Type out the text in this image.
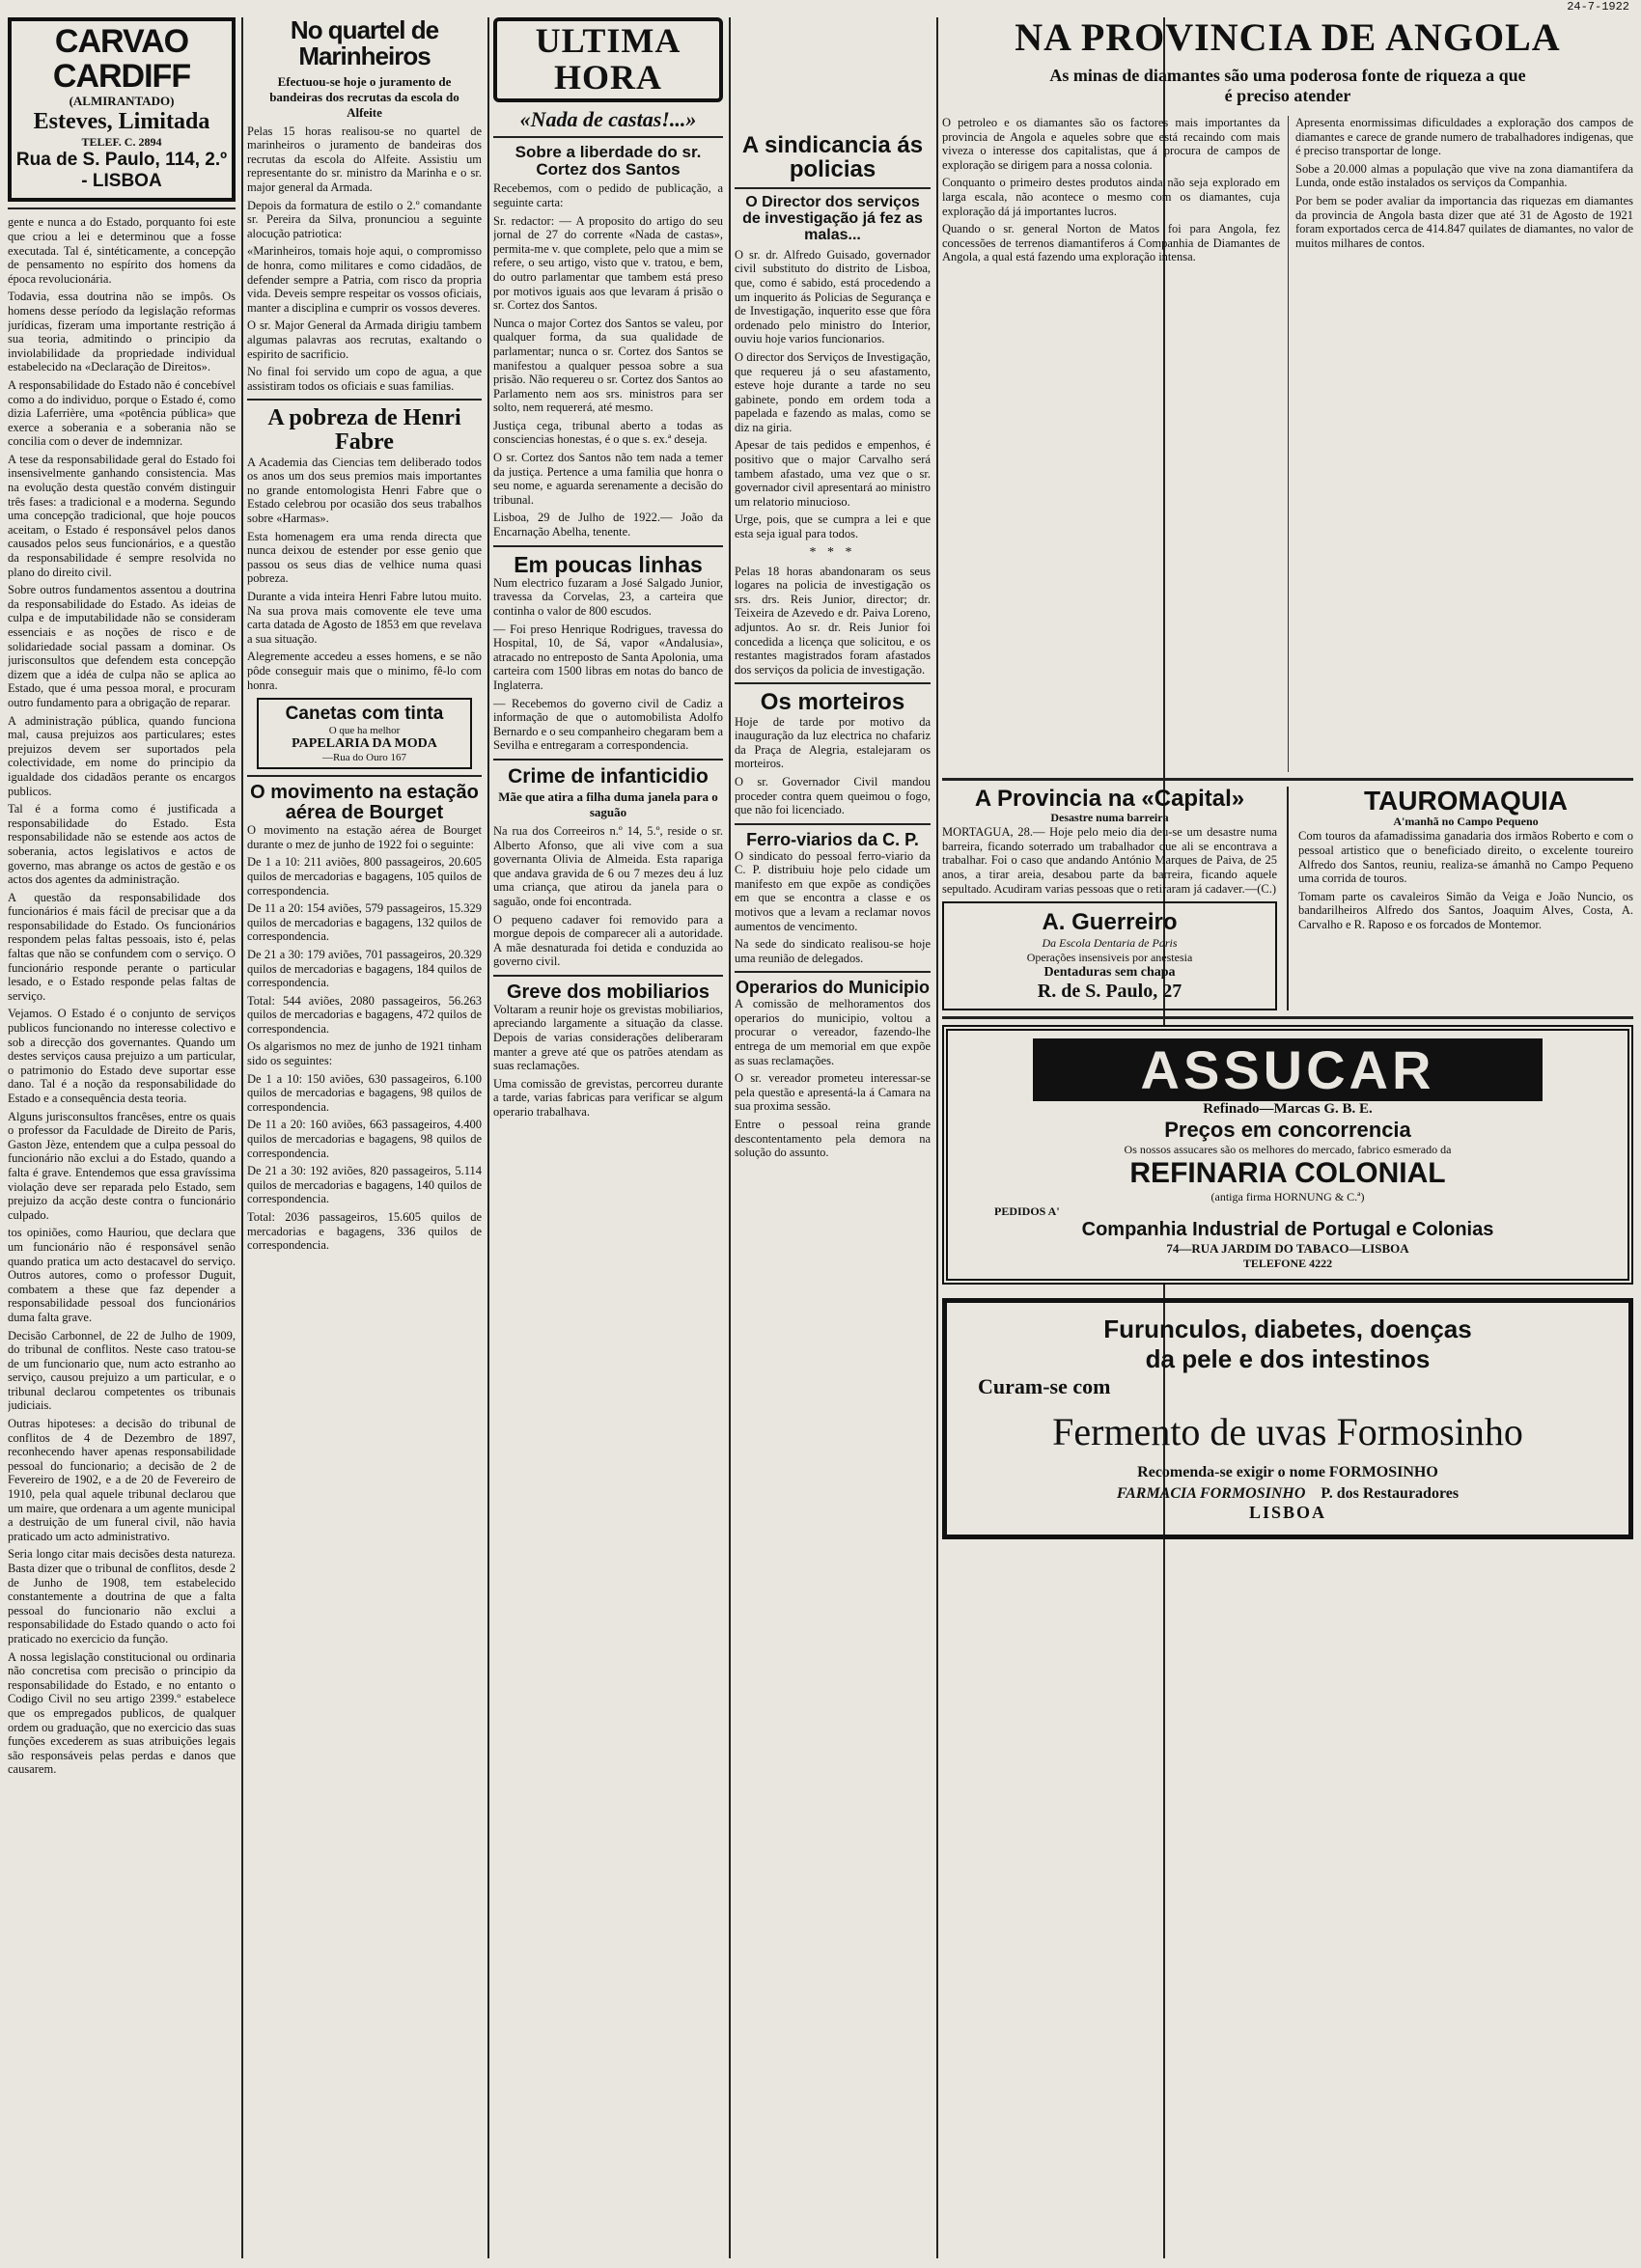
24-7-1922
CARVAO CARDIFF
(ALMIRANTADO)
Esteves, Limitada
TELEF. C. 2894
Rua de S. Paulo, 114, 2.º - LISBOA

gente e nunca a do Estado, porquanto foi este que criou a lei e determinou que a fosse executada. Tal é, sintéticamente, a concepção de pensamento no espírito dos homens da época revolucionária.

Todavia, essa doutrina não se impôs. Os homens desse período da legislação reformas jurídicas, fizeram uma importante restrição á sua teoria, admitindo o principio da inviolabilidade da propriedade individual estabelecido na «Declaração de Direitos».

A responsabilidade do Estado não é concebível como a do individuo, porque o Estado é, como dizia Laferrière, uma «potência pública» que exerce a soberania e a soberania não se concilia com o dever de indemnizar.

A tese da responsabilidade geral do Estado foi insensivelmente ganhando consistencia. Mas na evolução desta questão convém distinguir três fases: a tradicional e a moderna. Segundo uma concepção tradicional, que hoje poucos aceitam, o Estado é responsável pelos danos causados pelos seus funcionários, e a questão da responsabilidade é sempre resolvida no plano do direito civil.

Sobre outros fundamentos assentou a doutrina da responsabilidade do Estado. As ideias de culpa e de imputabilidade não se consideram essenciais e as noções de risco e de solidariedade social passam a dominar. Os jurisconsultos que defendem esta concepção dizem que a idéa de culpa não se aplica ao Estado, que é uma pessoa moral, e procuram outro fundamento para a obrigação de reparar.

A administração pública, quando funciona mal, causa prejuizos aos particulares; estes prejuizos devem ser suportados pela colectividade, em nome do principio da igualdade dos cidadãos perante os encargos publicos.

Tal é a forma como é justificada a responsabilidade do Estado. Esta responsabilidade não se estende aos actos de soberania, actos legislativos e actos de governo, mas abrange os actos de gestão e os actos dos agentes da administração.

A questão da responsabilidade dos funcionários é mais fácil de precisar que a da responsabilidade do Estado. Os funcionários respondem pelas faltas pessoais, isto é, pelas faltas que não se confundem com o serviço. O funcionário responde perante o particular lesado, e o Estado responde pelas faltas de serviço.

Vejamos. O Estado é o conjunto de serviços publicos funcionando no interesse colectivo e sob a direcção dos governantes. Quando um destes serviços causa prejuizo a um particular, o patrimonio do Estado deve suportar esse dano. Tal é a noção da responsabilidade do Estado e a consequência desta teoria.

Alguns jurisconsultos francêses, entre os quais o professor da Faculdade de Direito de Paris, Gaston Jèze, entendem que a culpa pessoal do funcionário não exclui a do Estado, quando a falta é grave. Entendemos que essa gravíssima violação deve ser reparada pelo Estado, sem prejuizo da acção deste contra o funcionário culpado.

tos opiniões, como Hauriou, que declara que um funcionário não é responsável senão quando pratica um acto destacavel do serviço. Outros autores, como o professor Duguit, combatem a these que faz depender a responsabilidade pessoal dos funcionários duma falta grave.

Decisão Carbonnel, de 22 de Julho de 1909, do tribunal de conflitos. Neste caso tratou-se de um funcionario que, num acto estranho ao serviço, causou prejuizo a um particular, e o tribunal declarou competentes os tribunais judiciais.

Outras hipoteses: a decisão do tribunal de conflitos de 4 de Dezembro de 1897, reconhecendo haver apenas responsabilidade pessoal do funcionario; a decisão de 2 de Fevereiro de 1902, e a de 20 de Fevereiro de 1910, pela qual aquele tribunal declarou que um maire, que ordenara a um agente municipal a destruição de um funeral civil, não havia praticado um acto administrativo.

Seria longo citar mais decisões desta natureza. Basta dizer que o tribunal de conflitos, desde 2 de Junho de 1908, tem estabelecido constantemente a doutrina de que a falta pessoal do funcionario não exclui a responsabilidade do Estado quando o acto foi praticado no exercicio da função.

A nossa legislação constitucional ou ordinaria não concretisa com precisão o principio da responsabilidade do Estado, e no entanto o Codigo Civil no seu artigo 2399.º estabelece que os empregados publicos, de qualquer ordem ou graduação, que no exercicio das suas funções excederem as suas atribuições legais são responsáveis pelas perdas e danos que causarem.

No quartel de Marinheiros
Efectuou-se hoje o juramento de bandeiras dos recrutas da escola do Alfeite

Pelas 15 horas realisou-se no quartel de marinheiros o juramento de bandeiras dos recrutas da escola do Alfeite. Assistiu um representante do sr. ministro da Marinha e o sr. major general da Armada.

Depois da formatura de estilo o 2.º comandante sr. Pereira da Silva, pronunciou a seguinte alocução patriotica:

«Marinheiros, tomais hoje aqui, o compromisso de honra, como militares e como cidadãos, de defender sempre a Patria, com risco da propria vida. Deveis sempre respeitar os vossos oficiais, manter a disciplina e cumprir os vossos deveres.

O sr. Major General da Armada dirigiu tambem algumas palavras aos recrutas, exaltando o espirito de sacrificio.

No final foi servido um copo de agua, a que assistiram todos os oficiais e suas familias.

A pobreza de Henri Fabre

A Academia das Ciencias tem deliberado todos os anos um dos seus premios mais importantes no grande entomologista Henri Fabre que o Estado celebrou por ocasião dos seus trabalhos sobre «Harmas».

Esta homenagem era uma renda directa que nunca deixou de estender por esse genio que passou os seus dias de velhice numa quasi pobreza.

Durante a vida inteira Henri Fabre lutou muito. Na sua prova mais comovente ele teve uma carta datada de Agosto de 1853 em que revelava a sua situação.

Alegremente accedeu a esses homens, e se não pôde conseguir mais que o minimo, fê-lo com honra.

Canetas com tinta
O que ha melhor
PAPELARIA DA MODA
—Rua do Ouro 167
O movimento na estação aérea de Bourget

O movimento na estação aérea de Bourget durante o mez de junho de 1922 foi o seguinte:

De 1 a 10: 211 aviões, 800 passageiros, 20.605 quilos de mercadorias e bagagens, 105 quilos de correspondencia.

De 11 a 20: 154 aviões, 579 passageiros, 15.329 quilos de mercadorias e bagagens, 132 quilos de correspondencia.

De 21 a 30: 179 aviões, 701 passageiros, 20.329 quilos de mercadorias e bagagens, 184 quilos de correspondencia.

Total: 544 aviões, 2080 passageiros, 56.263 quilos de mercadorias e bagagens, 472 quilos de correspondencia.

Os algarismos no mez de junho de 1921 tinham sido os seguintes:

De 1 a 10: 150 aviões, 630 passageiros, 6.100 quilos de mercadorias e bagagens, 98 quilos de correspondencia.

De 11 a 20: 160 aviões, 663 passageiros, 4.400 quilos de mercadorias e bagagens, 98 quilos de correspondencia.

De 21 a 30: 192 aviões, 820 passageiros, 5.114 quilos de mercadorias e bagagens, 140 quilos de correspondencia.

Total: 2036 passageiros, 15.605 quilos de mercadorias e bagagens, 336 quilos de correspondencia.

ULTIMA HORA
«Nada de castas!...»
Sobre a liberdade do sr. Cortez dos Santos

Recebemos, com o pedido de publicação, a seguinte carta:

Sr. redactor: — A proposito do artigo do seu jornal de 27 do corrente «Nada de castas», permita-me v. que complete, pelo que a mim se refere, o seu artigo, visto que v. tratou, e bem, do outro parlamentar que tambem está preso por motivos iguais aos que levaram á prisão o sr. Cortez dos Santos.

Nunca o major Cortez dos Santos se valeu, por qualquer forma, da sua qualidade de parlamentar; nunca o sr. Cortez dos Santos se manifestou a qualquer pessoa sobre a sua prisão. Não requereu o sr. Cortez dos Santos ao Parlamento nem aos srs. ministros para ser solto, nem requererá, até mesmo.

Justiça cega, tribunal aberto a todas as consciencias honestas, é o que s. ex.ª deseja.

O sr. Cortez dos Santos não tem nada a temer da justiça. Pertence a uma familia que honra o seu nome, e aguarda serenamente a decisão do tribunal.

Lisboa, 29 de Julho de 1922.— João da Encarnação Abelha, tenente.

Em poucas linhas

Num electrico fuzaram a José Salgado Junior, travessa da Corvelas, 23, a carteira que continha o valor de 800 escudos.

— Foi preso Henrique Rodrigues, travessa do Hospital, 10, de Sá, vapor «Andalusia», atracado no entreposto de Santa Apolonia, uma carteira com 1500 libras em notas do banco de Inglaterra.

— Recebemos do governo civil de Cadiz a informação de que o automobilista Adolfo Bernardo e o seu companheiro chegaram bem a Sevilha e entregaram a correspondencia.

Crime de infanticidio
Mãe que atira a filha duma janela para o saguão

Na rua dos Correeiros n.º 14, 5.º, reside o sr. Alberto Afonso, que ali vive com a sua governanta Olivia de Almeida. Esta rapariga que andava gravida de 6 ou 7 mezes deu á luz uma criança, que atirou da janela para o saguão, onde foi encontrada.

O pequeno cadaver foi removido para a morgue depois de comparecer ali a autoridade. A mãe desnaturada foi detida e conduzida ao governo civil.

Greve dos mobiliarios

Voltaram a reunir hoje os grevistas mobiliarios, apreciando largamente a situação da classe. Depois de varias considerações deliberaram manter a greve até que os patrões atendam as suas reclamações.

Uma comissão de grevistas, percorreu durante a tarde, varias fabricas para verificar se algum operario trabalhava.

A sindicancia ás policias
O Director dos serviços de investigação já fez as malas...

O sr. dr. Alfredo Guisado, governador civil substituto do distrito de Lisboa, que, como é sabido, está procedendo a um inquerito ás Policias de Segurança e de Investigação, inquerito esse que fôra ordenado pelo ministro do Interior, ouviu hoje varios funcionarios.

O director dos Serviços de Investigação, que requereu já o seu afastamento, esteve hoje durante a tarde no seu gabinete, pondo em ordem toda a papelada e fazendo as malas, como se diz na giria.

Apesar de tais pedidos e empenhos, é positivo que o major Carvalho será tambem afastado, uma vez que o sr. governador civil apresentará ao ministro um relatorio minucioso.

Urge, pois, que se cumpra a lei e que esta seja igual para todos.

* * *

Pelas 18 horas abandonaram os seus logares na policia de investigação os srs. drs. Reis Junior, director; dr. Teixeira de Azevedo e dr. Paiva Loreno, adjuntos. Ao sr. dr. Reis Junior foi concedida a licença que solicitou, e os restantes magistrados foram afastados dos serviços da policia de investigação.

Os morteiros

Hoje de tarde por motivo da inauguração da luz electrica no chafariz da Praça de Alegria, estalejaram os morteiros.

O sr. Governador Civil mandou proceder contra quem queimou o fogo, que não foi licenciado.

Ferro-viarios da C. P.

O sindicato do pessoal ferro-viario da C. P. distribuiu hoje pelo cidade um manifesto em que expõe as condições em que se encontra a classe e os motivos que a levam a reclamar novos aumentos de vencimento.

Na sede do sindicato realisou-se hoje uma reunião de delegados.

Operarios do Municipio

A comissão de melhoramentos dos operarios do municipio, voltou a procurar o vereador, fazendo-lhe entrega de um memorial em que expõe as suas reclamações.

O sr. vereador prometeu interessar-se pela questão e apresentá-la á Camara na sua proxima sessão.

Entre o pessoal reina grande descontentamento pela demora na solução do assunto.

NA PROVINCIA DE ANGOLA
As minas de diamantes são uma poderosa fonte de riqueza a que é preciso atender

O petroleo e os diamantes são os factores mais importantes da provincia de Angola e aqueles sobre que está recaindo com mais viveza o interesse dos capitalistas, que á procura de campos de exploração se dirigem para a nossa colonia.

Conquanto o primeiro destes produtos ainda não seja explorado em larga escala, não acontece o mesmo com os diamantes, cuja exploração dá já importantes lucros.

Quando o sr. general Norton de Matos foi para Angola, fez concessões de terrenos diamantiferos á Companhia de Diamantes de Angola, a qual está fazendo uma exploração intensa.

Apresenta enormissimas dificuldades a exploração dos campos de diamantes e carece de grande numero de trabalhadores indigenas, que é preciso transportar de longe.

Sobe a 20.000 almas a população que vive na zona diamantifera da Lunda, onde estão instalados os serviços da Companhia.

Por bem se poder avaliar da importancia das riquezas em diamantes da provincia de Angola basta dizer que até 31 de Agosto de 1921 foram exportados cerca de 414.847 quilates de diamantes, no valor de muitos milhares de contos.

A Provincia na «Capital»
Desastre numa barreira

MORTAGUA, 28.— Hoje pelo meio dia deu-se um desastre numa barreira, ficando soterrado um trabalhador que ali se encontrava a trabalhar. Foi o caso que andando António Marques de Paiva, de 25 anos, a tirar areia, desabou parte da barreira, ficando aquele sepultado. Acudiram varias pessoas que o retiraram já cadaver.—(C.)

A. Guerreiro
Da Escola Dentaria de Paris
Operações insensiveis por anestesia
Dentaduras sem chapa
R. de S. Paulo, 27
TAUROMAQUIA
A'manhã no Campo Pequeno

Com touros da afamadissima ganadaria dos irmãos Roberto e com o pessoal artistico que o beneficiado direito, o excelente toureiro Alfredo dos Santos, reuniu, realiza-se ámanhã no Campo Pequeno uma corrida de touros.

Tomam parte os cavaleiros Simão da Veiga e João Nuncio, os bandarilheiros Alfredo dos Santos, Joaquim Alves, Costa, A. Carvalho e R. Raposo e os forcados de Montemor.

ASSUCAR
Refinado—Marcas G. B. E.
Preços em concorrencia
Os nossos assucares são os melhores do mercado, fabrico esmerado da
REFINARIA COLONIAL
(antiga firma HORNUNG & C.ª)
PEDIDOS A'
Companhia Industrial de Portugal e Colonias
74—RUA JARDIM DO TABACO—LISBOA
TELEFONE 4222
Furunculos, diabetes, doenças
da pele e dos intestinos
Curam-se com
Fermento de uvas Formosinho
Recomenda-se exigir o nome FORMOSINHO
FARMACIA FORMOSINHO P. dos Restauradores
LISBOA
